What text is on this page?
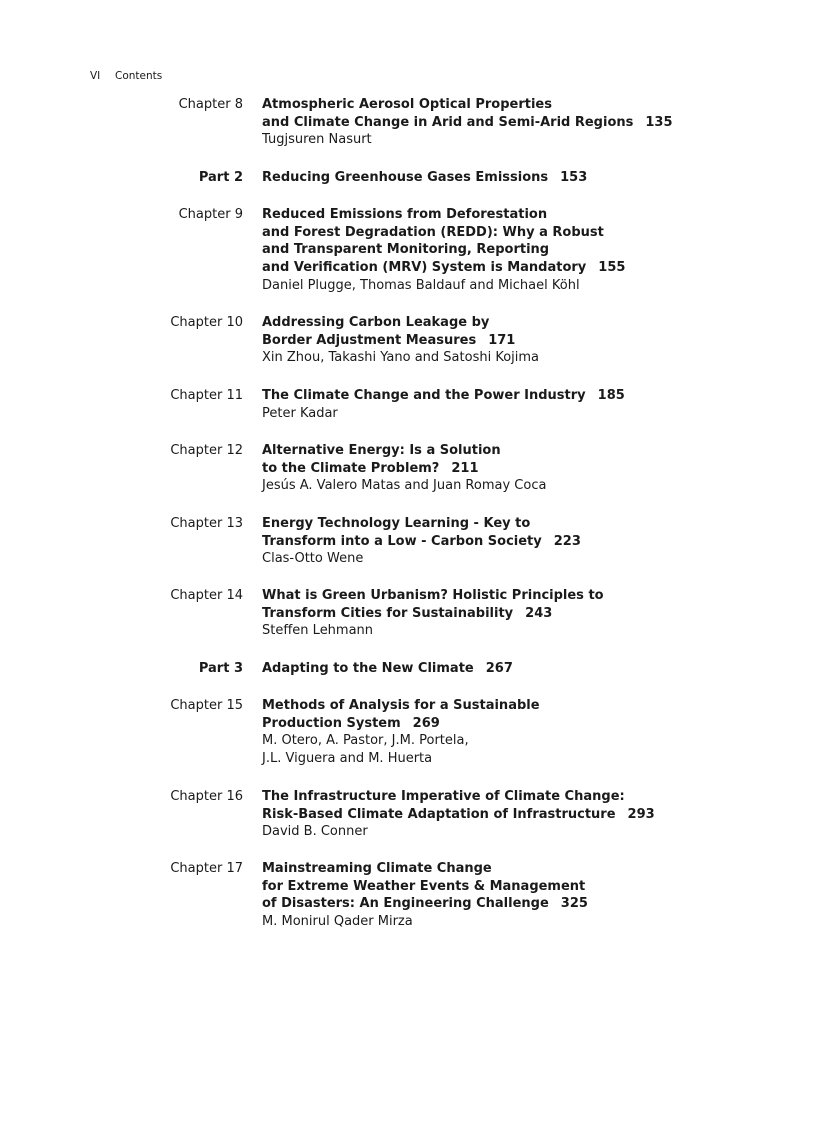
VI Contents
Chapter 8 Atmospheric Aerosol Optical Properties
and Climate Change in Arid and Semi-Arid Regions 135
Tugjsuren Nasurt
Part 2 Reducing Greenhouse Gases Emissions 153
Chapter 9 Reduced Emissions from Deforestation
and Forest Degradation (REDD): Why a Robust
and Transparent Monitoring, Reporting
and Verification (MRV) System is Mandatory 155
Daniel Plugge, Thomas Baldauf and Michael Köhl
Chapter 10 Addressing Carbon Leakage by
Border Adjustment Measures 171
Xin Zhou, Takashi Yano and Satoshi Kojima
Chapter 11 The Climate Change and the Power Industry 185
Peter Kadar
Chapter 12 Alternative Energy: Is a Solution
to the Climate Problem? 211
Jesús A. Valero Matas and Juan Romay Coca
Chapter 13 Energy Technology Learning - Key to
Transform into a Low - Carbon Society 223
Clas-Otto Wene
Chapter 14 What is Green Urbanism? Holistic Principles to
Transform Cities for Sustainability 243
Steffen Lehmann
Part 3 Adapting to the New Climate 267
Chapter 15 Methods of Analysis for a Sustainable
Production System 269
M. Otero, A. Pastor, J.M. Portela,
J.L. Viguera and M. Huerta
Chapter 16 The Infrastructure Imperative of Climate Change:
Risk-Based Climate Adaptation of Infrastructure 293
David B. Conner
Chapter 17 Mainstreaming Climate Change
for Extreme Weather Events & Management
of Disasters: An Engineering Challenge 325
M. Monirul Qader Mirza
